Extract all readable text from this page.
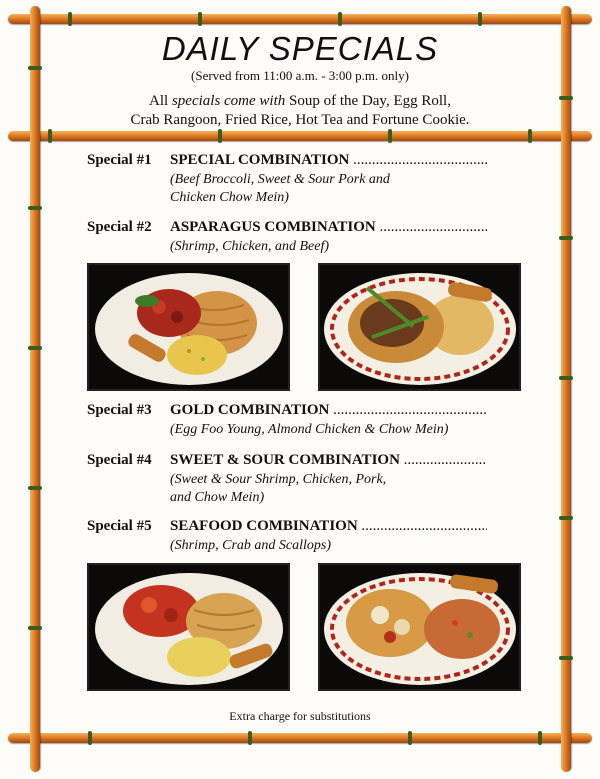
DAILY SPECIALS
(Served from 11:00 a.m. - 3:00 p.m. only)
All specials come with Soup of the Day, Egg Roll,
Crab Rangoon, Fried Rice, Hot Tea and Fortune Cookie.
Special #1 SPECIAL COMBINATION .....
(Beef Broccoli, Sweet & Sour Pork and
Chicken Chow Mein)
Special #2 ASPARAGUS COMBINATION .....
(Shrimp, Chicken, and Beef)
Special #3 GOLD COMBINATION .....
(Egg Foo Young, Almond Chicken & Chow Mein)
Special #4 SWEET & SOUR COMBINATION .....
(Sweet & Sour Shrimp, Chicken, Pork,
and Chow Mein)
Special #5 SEAFOOD COMBINATION .....
(Shrimp, Crab and Scallops)
Extra charge for substitutions
